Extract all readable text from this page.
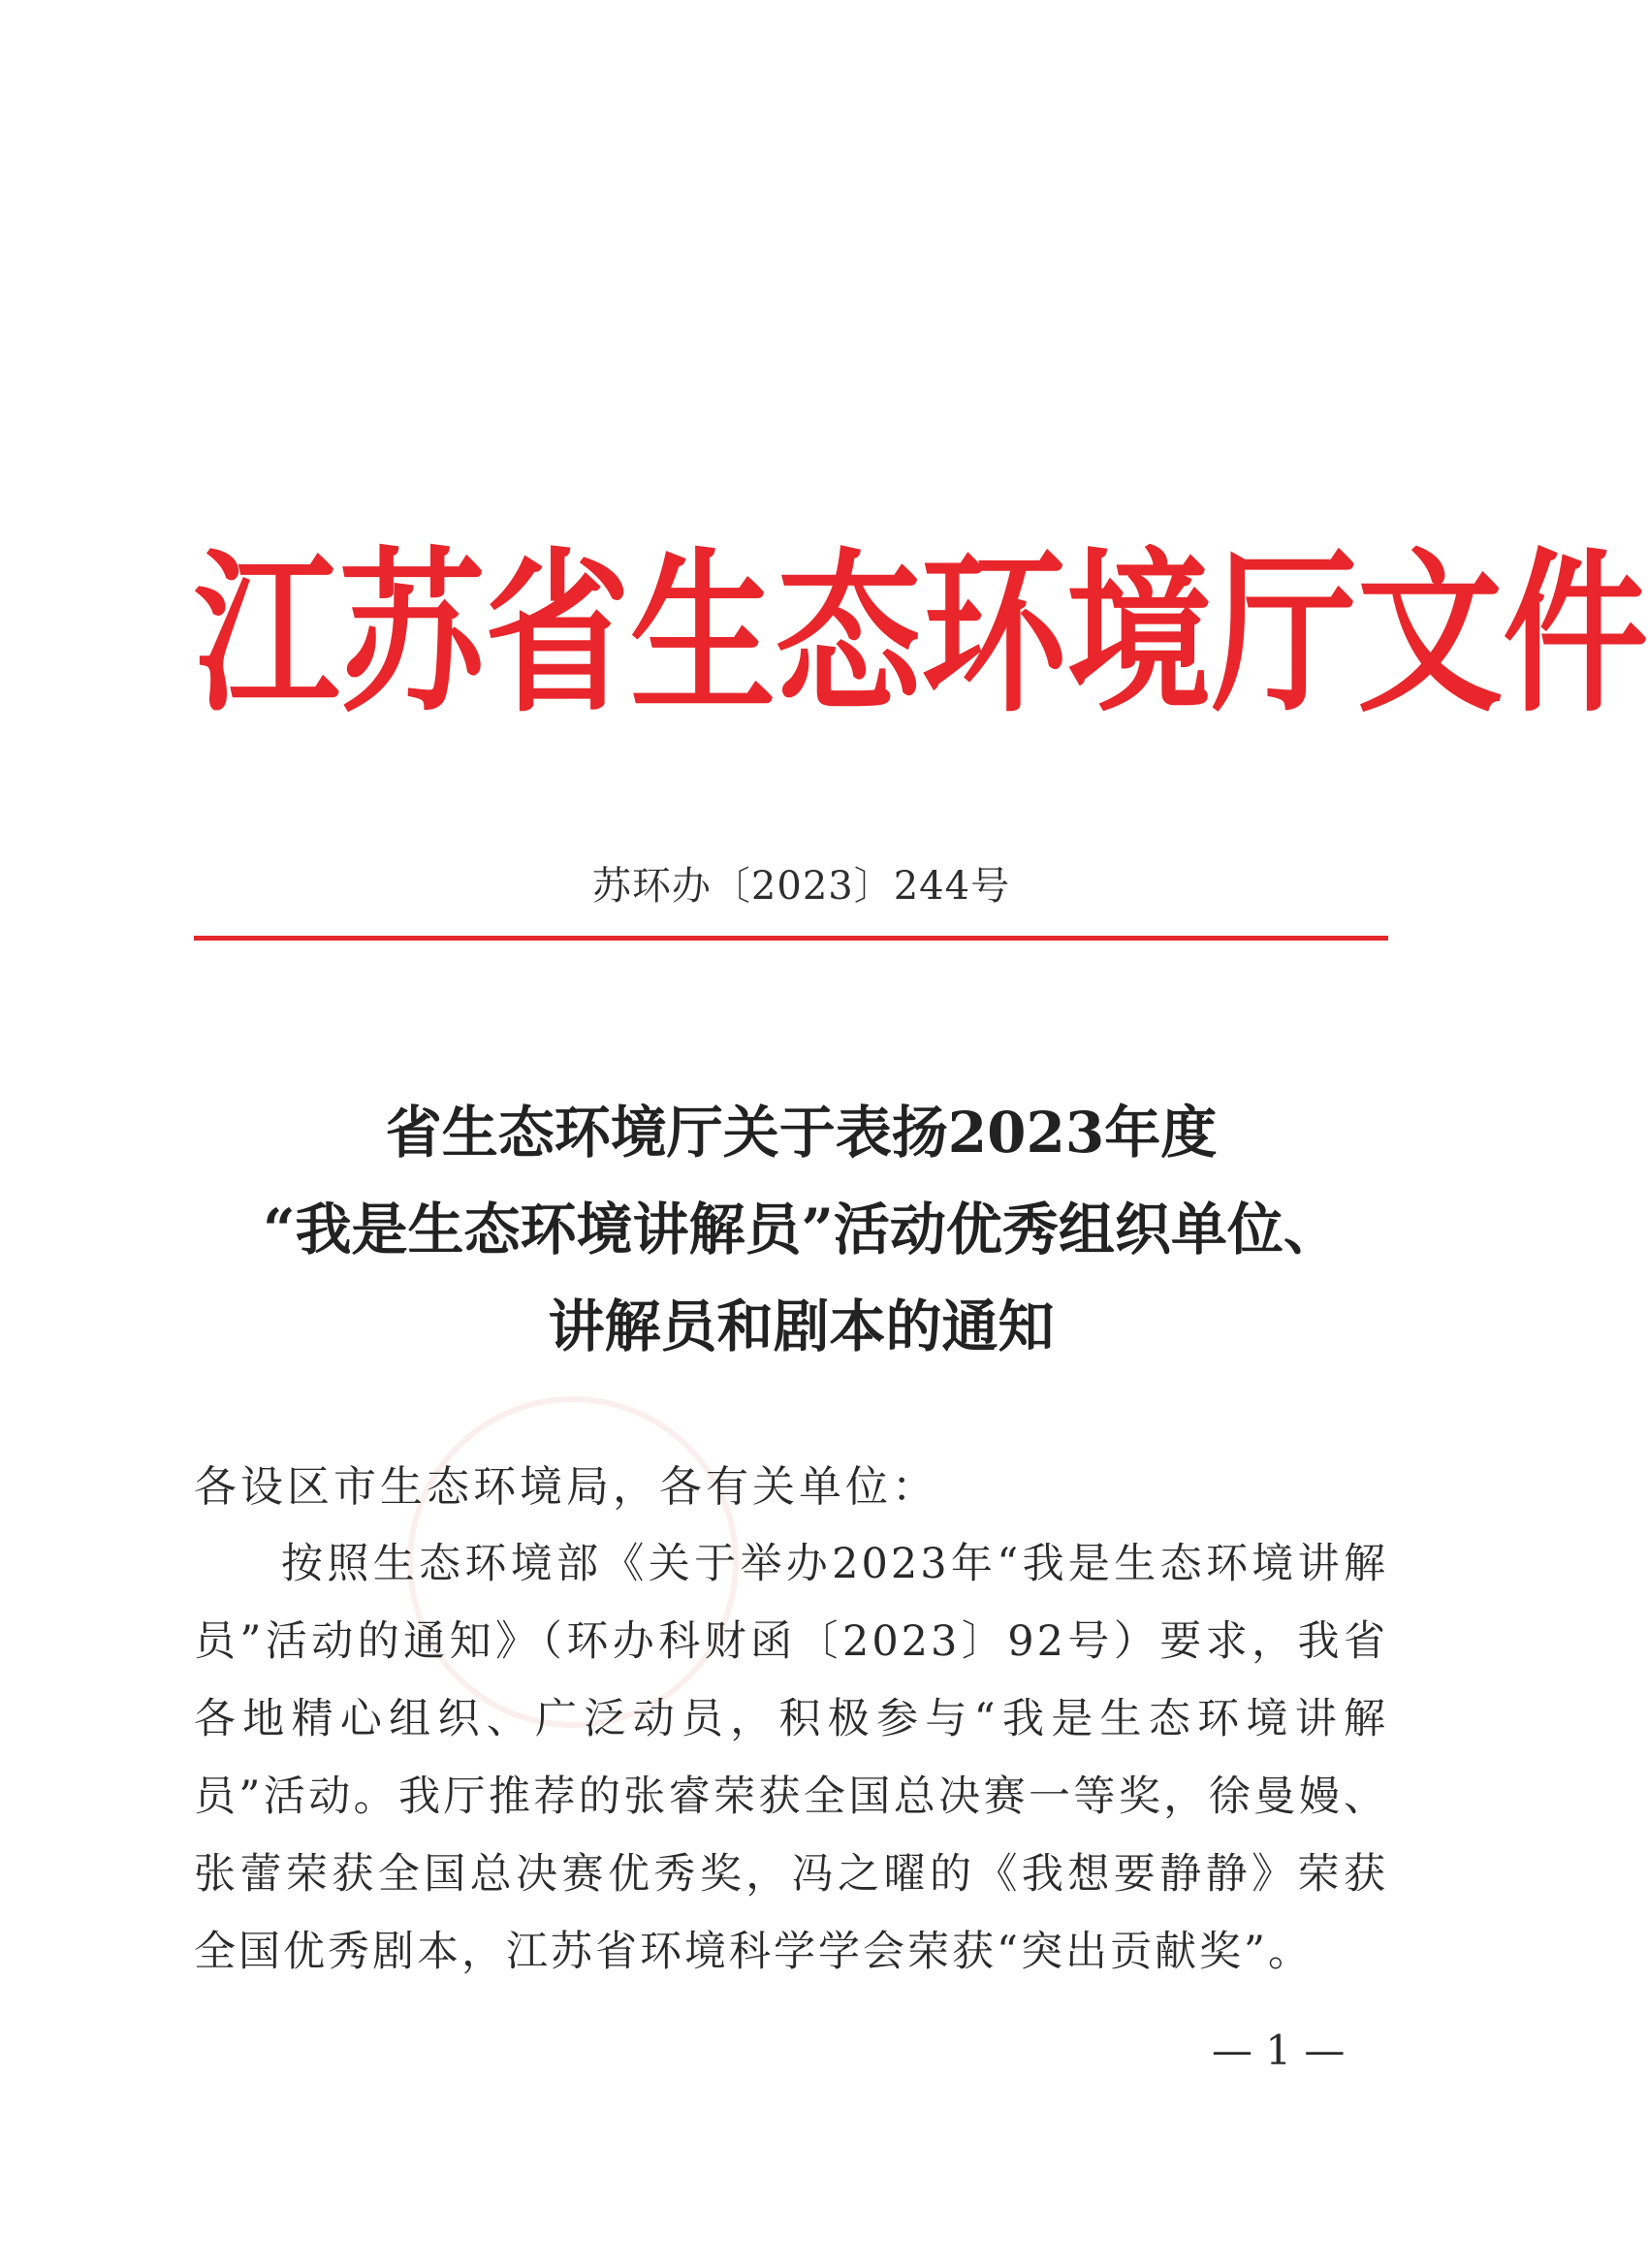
江 苏 省 生 态 环 境 厅 文 件
苏环办〔2023〕244号
省生态环境厅关于表扬2023年度
“我是生态环境讲解员”活动优秀组织单位、
讲解员和剧本的通知
各设区市生态环境局，各有关单位：
按照生态环境部《关于举办2023年“我是生态环境讲解员”活动的通知》（环办科财函〔2023〕92号）要求，我省各地精心组织、广泛动员，积极参与“我是生态环境讲解员”活动。我厅推荐的张睿荣获全国总决赛一等奖，徐曼嫚、张蕾荣获全国总决赛优秀奖，冯之曜的《我想要静静》荣获全国优秀剧本，江苏省环境科学学会荣获“突出贡献奖”。
— 1 —
